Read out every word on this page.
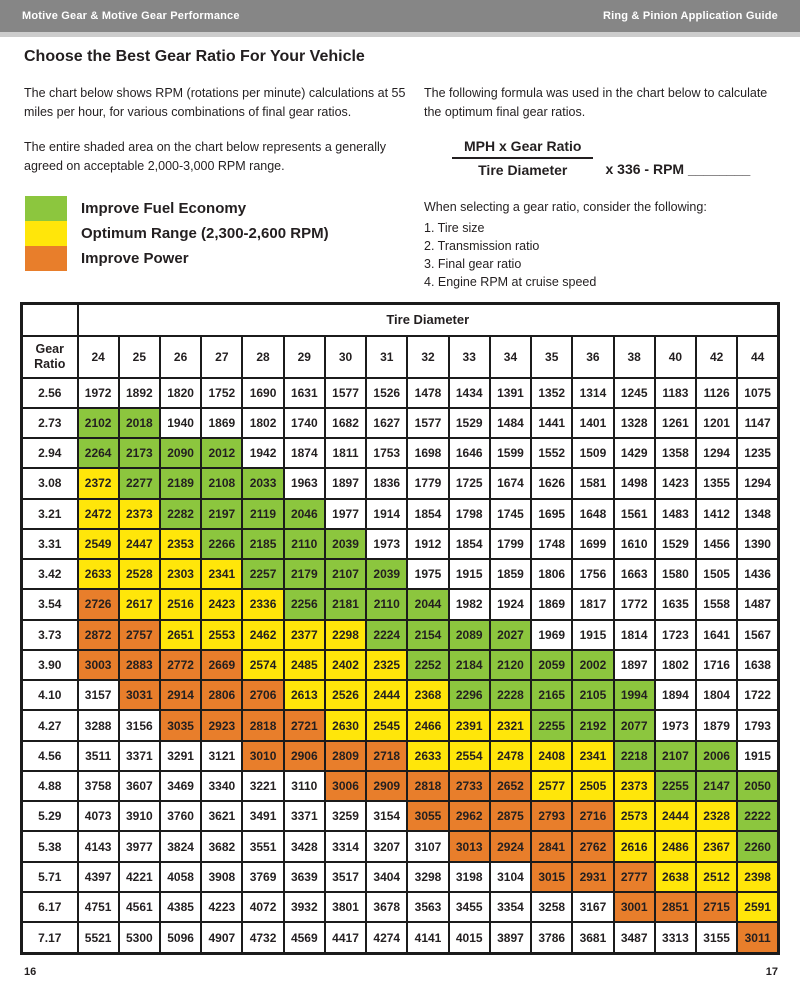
Motive Gear & Motive Gear Performance	Ring & Pinion Application Guide
Choose the Best Gear Ratio For Your Vehicle

The chart below shows RPM (rotations per minute) calculations at 55 miles per hour, for various combinations of final gear ratios.

The entire shaded area on the chart below represents a generally agreed on acceptable 2,000-3,000 RPM range.

The following formula was used in the chart below to calculate the optimum final gear ratios.

Improve Fuel Economy
Optimum Range (2,300-2,600 RPM)
Improve Power
$\frac{\text{MPH x Gear Ratio}}{\text{Tire Diameter}}$ x 336 - RPM ________
When selecting a gear ratio, consider the following:
1. Tire size
2. Transmission ratio
3. Final gear ratio
4. Engine RPM at cruise speed
	Tire Diameter																
Gear
Ratio	24	25	26	27	28	29	30	31	32	33	34	35	36	38	40	42	44
2.56	1972	1892	1820	1752	1690	1631	1577	1526	1478	1434	1391	1352	1314	1245	1183	1126	1075
2.73	2102	2018	1940	1869	1802	1740	1682	1627	1577	1529	1484	1441	1401	1328	1261	1201	1147
2.94	2264	2173	2090	2012	1942	1874	1811	1753	1698	1646	1599	1552	1509	1429	1358	1294	1235
3.08	2372	2277	2189	2108	2033	1963	1897	1836	1779	1725	1674	1626	1581	1498	1423	1355	1294
3.21	2472	2373	2282	2197	2119	2046	1977	1914	1854	1798	1745	1695	1648	1561	1483	1412	1348
3.31	2549	2447	2353	2266	2185	2110	2039	1973	1912	1854	1799	1748	1699	1610	1529	1456	1390
3.42	2633	2528	2303	2341	2257	2179	2107	2039	1975	1915	1859	1806	1756	1663	1580	1505	1436
3.54	2726	2617	2516	2423	2336	2256	2181	2110	2044	1982	1924	1869	1817	1772	1635	1558	1487
3.73	2872	2757	2651	2553	2462	2377	2298	2224	2154	2089	2027	1969	1915	1814	1723	1641	1567
3.90	3003	2883	2772	2669	2574	2485	2402	2325	2252	2184	2120	2059	2002	1897	1802	1716	1638
4.10	3157	3031	2914	2806	2706	2613	2526	2444	2368	2296	2228	2165	2105	1994	1894	1804	1722
4.27	3288	3156	3035	2923	2818	2721	2630	2545	2466	2391	2321	2255	2192	2077	1973	1879	1793
4.56	3511	3371	3291	3121	3010	2906	2809	2718	2633	2554	2478	2408	2341	2218	2107	2006	1915
4.88	3758	3607	3469	3340	3221	3110	3006	2909	2818	2733	2652	2577	2505	2373	2255	2147	2050
5.29	4073	3910	3760	3621	3491	3371	3259	3154	3055	2962	2875	2793	2716	2573	2444	2328	2222
5.38	4143	3977	3824	3682	3551	3428	3314	3207	3107	3013	2924	2841	2762	2616	2486	2367	2260
5.71	4397	4221	4058	3908	3769	3639	3517	3404	3298	3198	3104	3015	2931	2777	2638	2512	2398
6.17	4751	4561	4385	4223	4072	3932	3801	3678	3563	3455	3354	3258	3167	3001	2851	2715	2591
7.17	5521	5300	5096	4907	4732	4569	4417	4274	4141	4015	3897	3786	3681	3487	3313	3155	3011
16	17
